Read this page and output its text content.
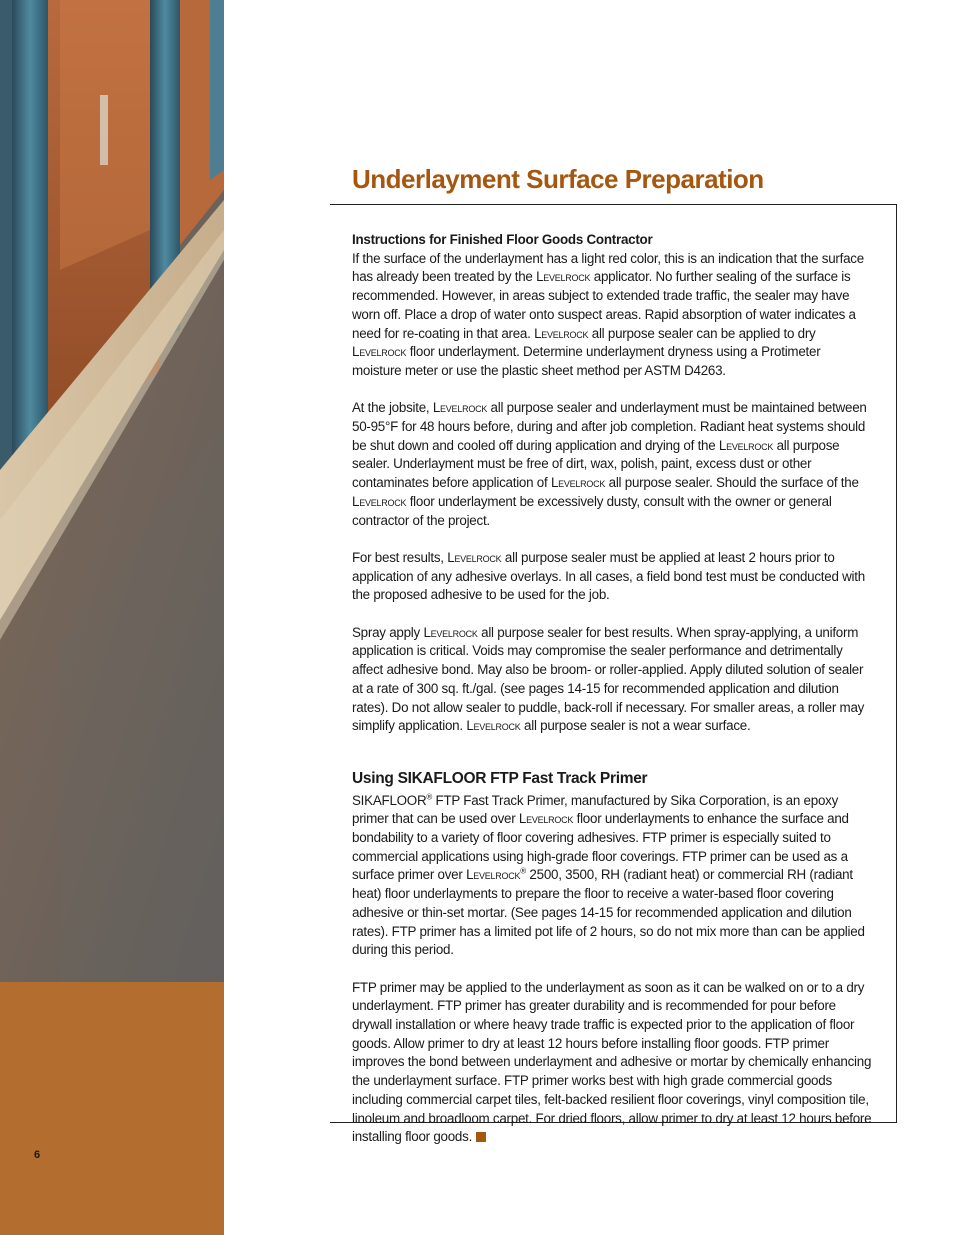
6
Underlayment Surface Preparation

Instructions for Finished Floor Goods Contractor
If the surface of the underlayment has a light red color, this is an indication that the surface has already been treated by the Levelrock applicator. No further sealing of the surface is recommended. However, in areas subject to extended trade traffic, the sealer may have worn off. Place a drop of water onto suspect areas. Rapid absorption of water indicates a need for re-coating in that area. Levelrock all purpose sealer can be applied to dry Levelrock floor underlayment. Determine underlayment dryness using a Protimeter moisture meter or use the plastic sheet method per ASTM D4263.

At the jobsite, Levelrock all purpose sealer and underlayment must be maintained between 50-95°F for 48 hours before, during and after job completion. Radiant heat systems should be shut down and cooled off during application and drying of the Levelrock all purpose sealer. Underlayment must be free of dirt, wax, polish, paint, excess dust or other contaminates before application of Levelrock all purpose sealer. Should the surface of the Levelrock floor underlayment be excessively dusty, consult with the owner or general contractor of the project.

For best results, Levelrock all purpose sealer must be applied at least 2 hours prior to application of any adhesive overlays. In all cases, a field bond test must be conducted with the proposed adhesive to be used for the job.

Spray apply Levelrock all purpose sealer for best results. When spray-applying, a uniform application is critical. Voids may compromise the sealer performance and detrimentally affect adhesive bond. May also be broom- or roller-applied. Apply diluted solution of sealer at a rate of 300 sq. ft./gal. (see pages 14-15 for recommended application and dilution rates). Do not allow sealer to puddle, back-roll if necessary. For smaller areas, a roller may simplify application. Levelrock all purpose sealer is not a wear surface.

Using SIKAFLOOR FTP Fast Track Primer

SIKAFLOOR® FTP Fast Track Primer, manufactured by Sika Corporation, is an epoxy primer that can be used over Levelrock floor underlayments to enhance the surface and bondability to a variety of floor covering adhesives. FTP primer is especially suited to commercial applications using high-grade floor coverings. FTP primer can be used as a surface primer over Levelrock® 2500, 3500, RH (radiant heat) or commercial RH (radiant heat) floor underlayments to prepare the floor to receive a water-based floor covering adhesive or thin-set mortar. (See pages 14-15 for recommended application and dilution rates). FTP primer has a limited pot life of 2 hours, so do not mix more than can be applied during this period.

FTP primer may be applied to the underlayment as soon as it can be walked on or to a dry underlayment. FTP primer has greater durability and is recommended for pour before drywall installation or where heavy trade traffic is expected prior to the application of floor goods. Allow primer to dry at least 12 hours before installing floor goods. FTP primer improves the bond between underlayment and adhesive or mortar by chemically enhancing the underlayment surface. FTP primer works best with high grade commercial goods including commercial carpet tiles, felt-backed resilient floor coverings, vinyl composition tile, linoleum and broadloom carpet. For dried floors, allow primer to dry at least 12 hours before installing floor goods.
